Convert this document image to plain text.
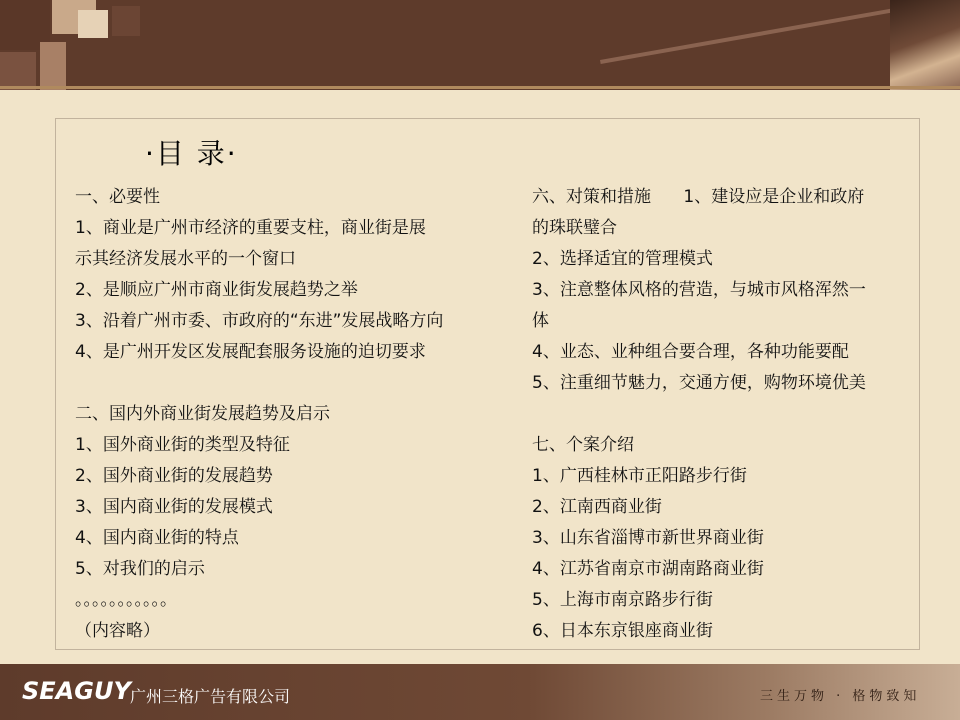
·目 录·
一、必要性
1、商业是广州市经济的重要支柱，商业街是展
示其经济发展水平的一个窗口
2、是顺应广州市商业街发展趋势之举
3、沿着广州市委、市政府的“东进”发展战略方向
4、是广州开发区发展配套服务设施的迫切要求
二、国内外商业街发展趋势及启示
1、国外商业街的类型及特征
2、国外商业街的发展趋势
3、国内商业街的发展模式
4、国内商业街的特点
5、对我们的启示
。。。。。。。。。。。
（内容略）
六、对策和措施      1、建设应是企业和政府
的珠联璧合
2、选择适宜的管理模式
3、注意整体风格的营造，与城市风格浑然一
体
4、业态、业种组合要合理，各种功能要配
5、注重细节魅力，交通方便，购物环境优美
七、个案介绍
1、广西桂林市正阳路步行街
2、江南西商业街
3、山东省淄博市新世界商业街
4、江苏省南京市湖南路商业街
5、上海市南京路步行街
6、日本东京银座商业街
SEAGUY 广州三格广告有限公司	三生万物 · 格物致知
